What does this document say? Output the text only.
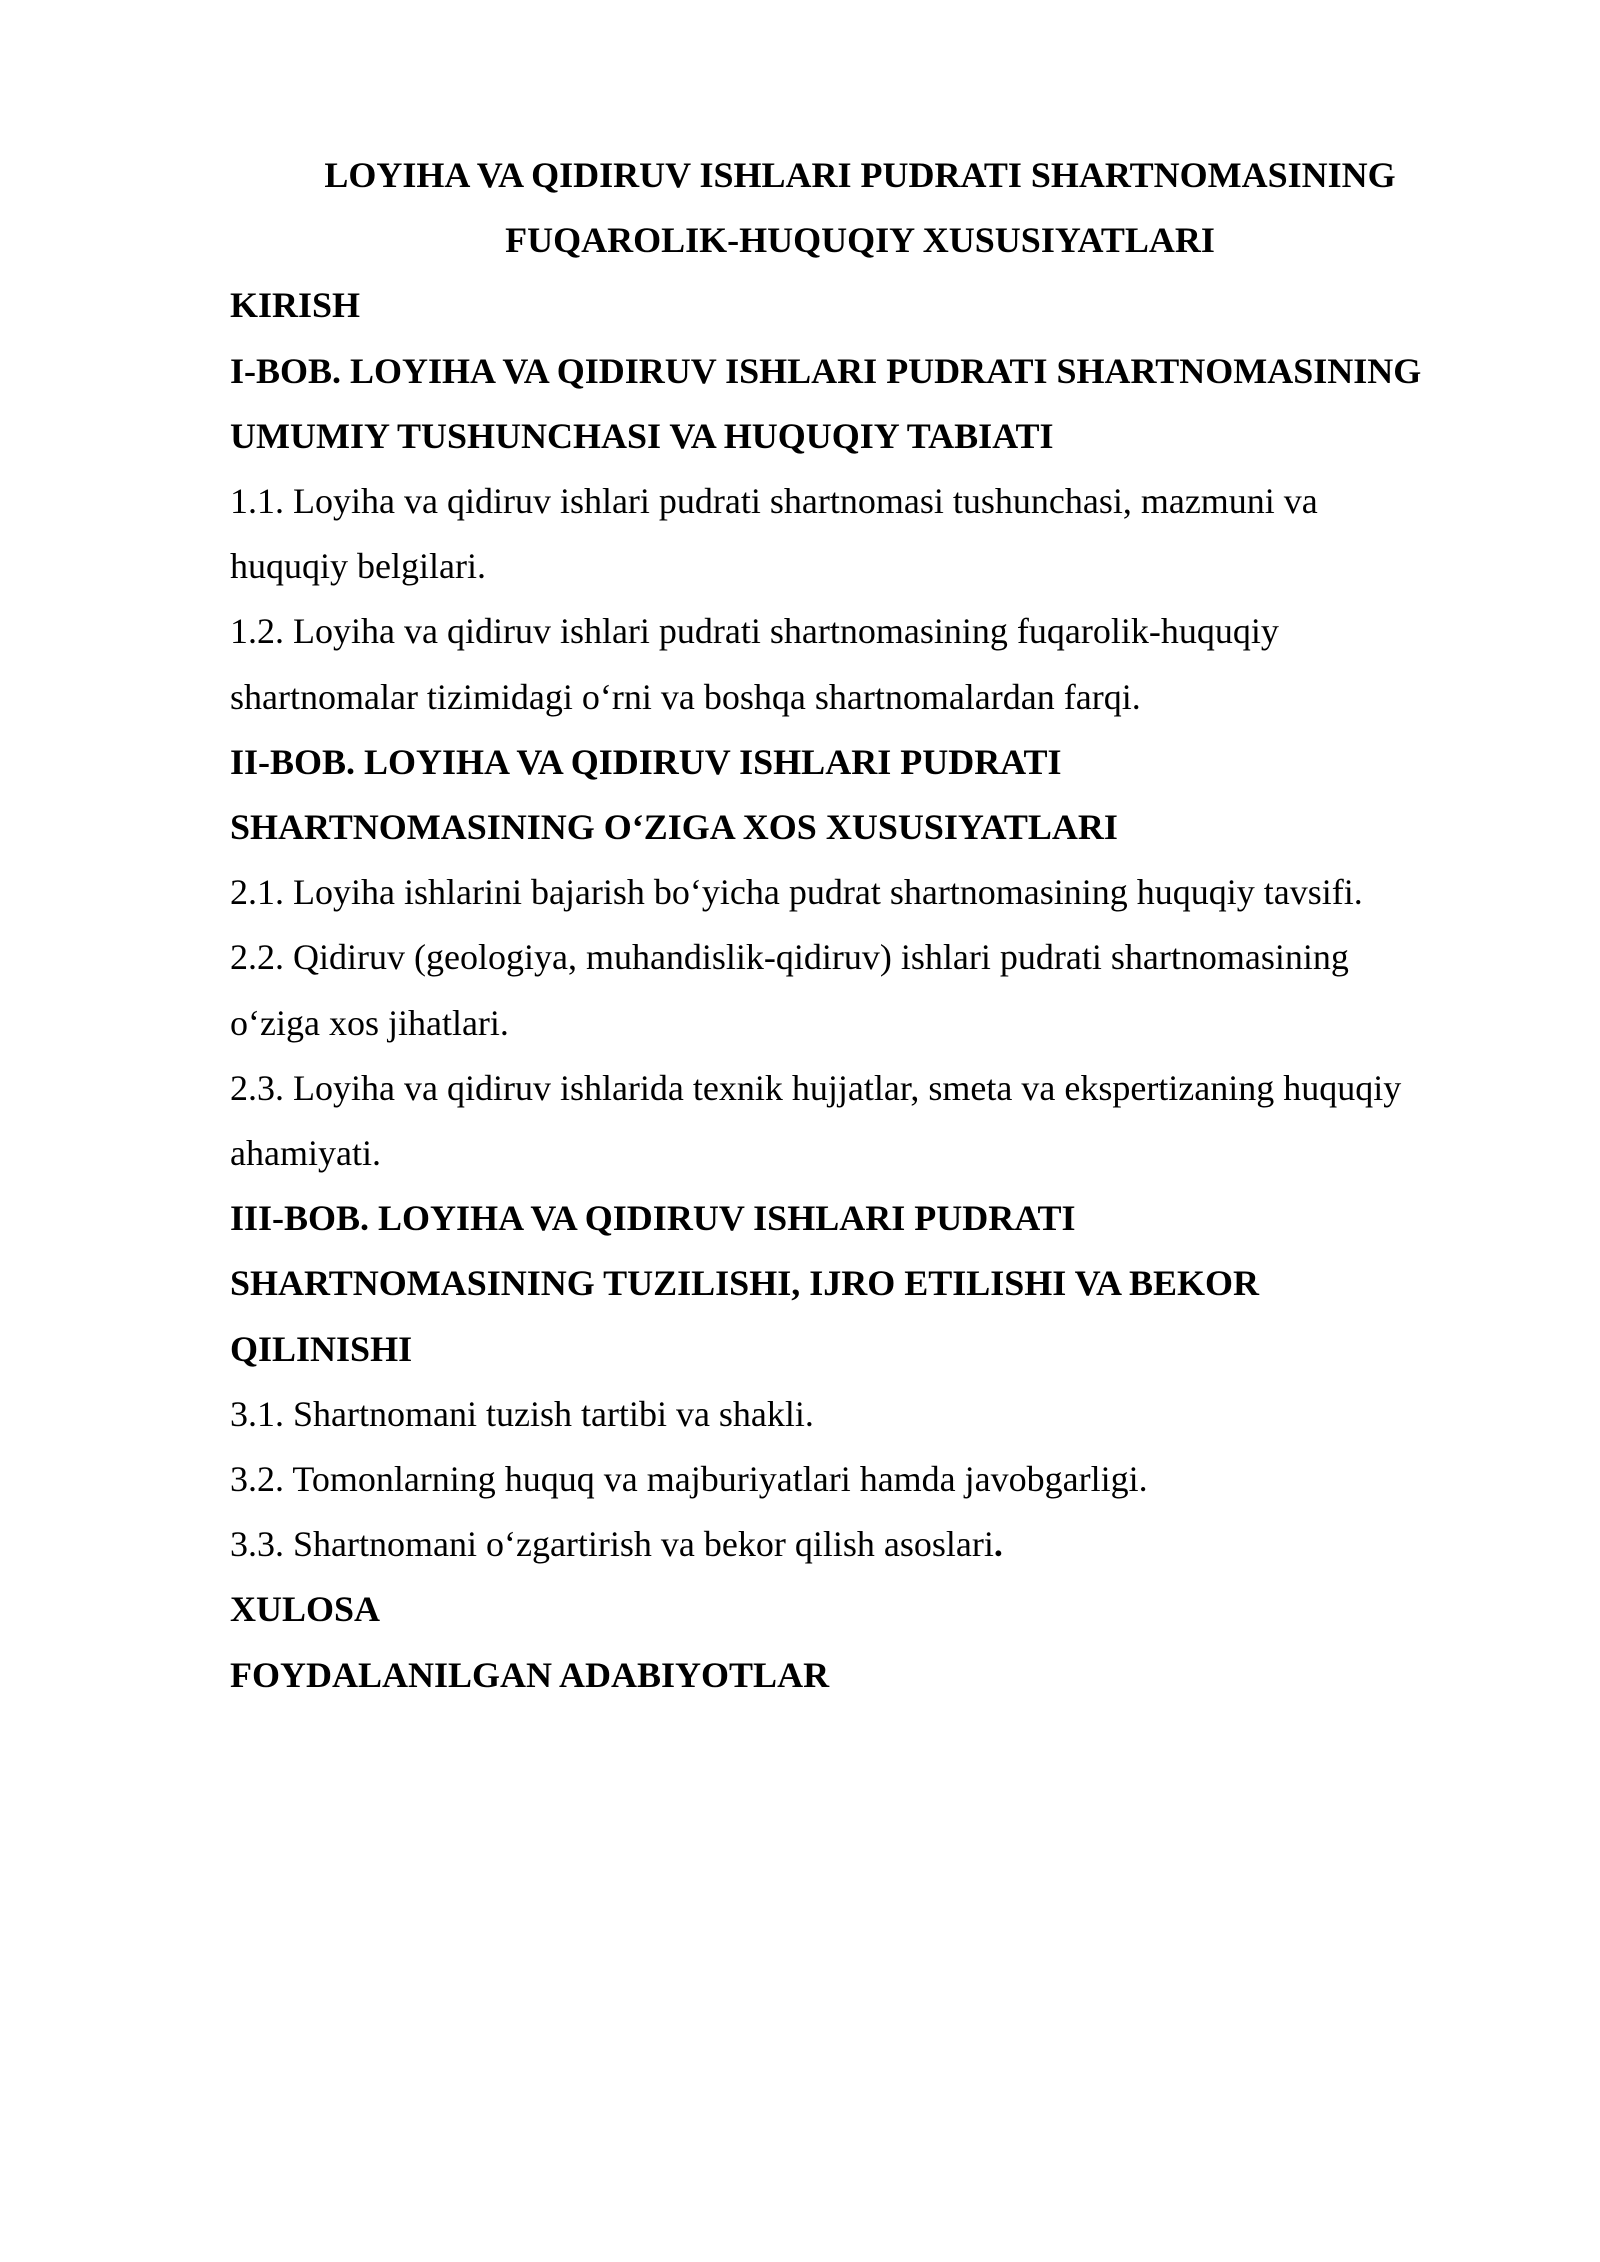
LOYIHA VA QIDIRUV ISHLARI PUDRATI SHARTNOMASINING
FUQAROLIK-HUQUQIY XUSUSIYATLARI
KIRISH
I-BOB. LOYIHA VA QIDIRUV ISHLARI PUDRATI SHARTNOMASINING
UMUMIY TUSHUNCHASI VA HUQUQIY TABIATI
1.1. Loyiha va qidiruv ishlari pudrati shartnomasi tushunchasi, mazmuni va
huquqiy belgilari.
1.2. Loyiha va qidiruv ishlari pudrati shartnomasining fuqarolik-huquqiy
shartnomalar tizimidagi o‘rni va boshqa shartnomalardan farqi.
II-BOB. LOYIHA VA QIDIRUV ISHLARI PUDRATI
SHARTNOMASINING O‘ZIGA XOS XUSUSIYATLARI
2.1. Loyiha ishlarini bajarish bo‘yicha pudrat shartnomasining huquqiy tavsifi.
2.2. Qidiruv (geologiya, muhandislik-qidiruv) ishlari pudrati shartnomasining
o‘ziga xos jihatlari.
2.3. Loyiha va qidiruv ishlarida texnik hujjatlar, smeta va ekspertizaning huquqiy
ahamiyati.
III-BOB. LOYIHA VA QIDIRUV ISHLARI PUDRATI
SHARTNOMASINING TUZILISHI, IJRO ETILISHI VA BEKOR
QILINISHI
3.1. Shartnomani tuzish tartibi va shakli.
3.2. Tomonlarning huquq va majburiyatlari hamda javobgarligi.
3.3. Shartnomani o‘zgartirish va bekor qilish asoslari.
XULOSA
FOYDALANILGAN ADABIYOTLAR
